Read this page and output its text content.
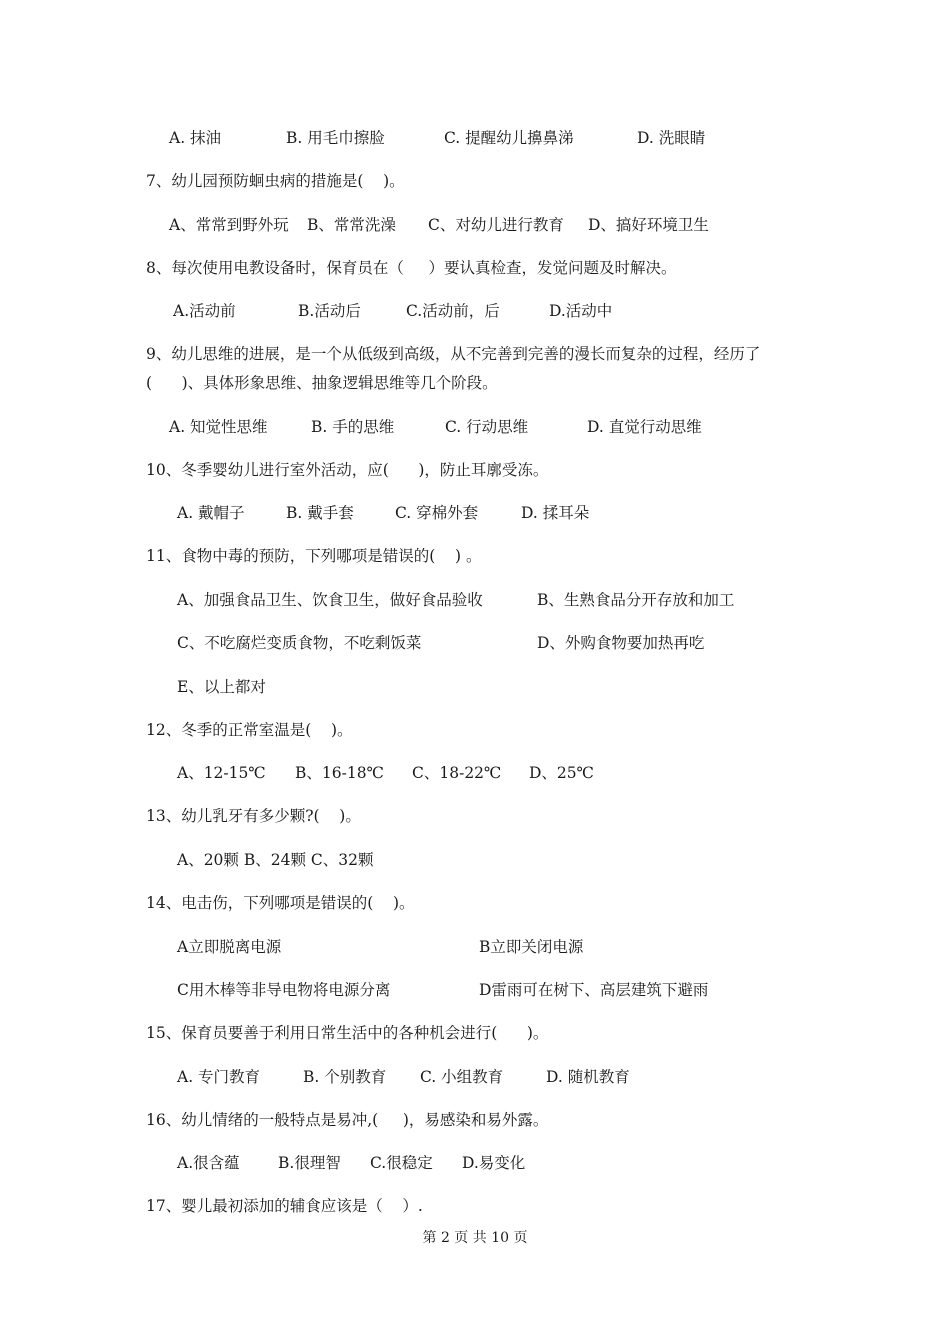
A. 抹油	B. 用毛巾擦脸	C. 提醒幼儿擤鼻涕	D. 洗眼睛

7、幼儿园预防蛔虫病的措施是(    )。

A、常常到野外玩 B、常常洗澡 C、对幼儿进行教育 D、搞好环境卫生

8、每次使用电教设备时，保育员在（     ）要认真检查，发觉问题及时解决。

A.活动前	B.活动后	C.活动前，后	D.活动中

9、幼儿思维的进展，是一个从低级到高级，从不完善到完善的漫长而复杂的过程，经历了

(      )、具体形象思维、抽象逻辑思维等几个阶段。

A. 知觉性思维	B. 手的思维	C. 行动思维	D. 直觉行动思维

10、冬季婴幼儿进行室外活动，应(      )，防止耳廓受冻。

A. 戴帽子	B. 戴手套	C. 穿棉外套	D. 揉耳朵

11、食物中毒的预防，下列哪项是错误的(    ) 。

A、加强食品卫生、饮食卫生，做好食品验收	B、生熟食品分开存放和加工
C、不吃腐烂变质食物，不吃剩饭菜	D、外购食物要加热再吃
E、以上都对

12、冬季的正常室温是(    )。

A、12-15℃ B、16-18℃ C、18-22℃ D、25℃

13、幼儿乳牙有多少颗?(    )。

A、20颗 B、24颗 C、32颗

14、电击伤，下列哪项是错误的(    )。

A立即脱离电源	B立即关闭电源
C用木棒等非导电物将电源分离	D雷雨可在树下、高层建筑下避雨

15、保育员要善于利用日常生活中的各种机会进行(      )。

A. 专门教育	B. 个别教育 C. 小组教育	D. 随机教育

16、幼儿情绪的一般特点是易冲,(     )，易感染和易外露。

A.很含蕴 B.很理智 C.很稳定 D.易变化

17、婴儿最初添加的辅食应该是（    ）.

第 2 页 共 10 页
